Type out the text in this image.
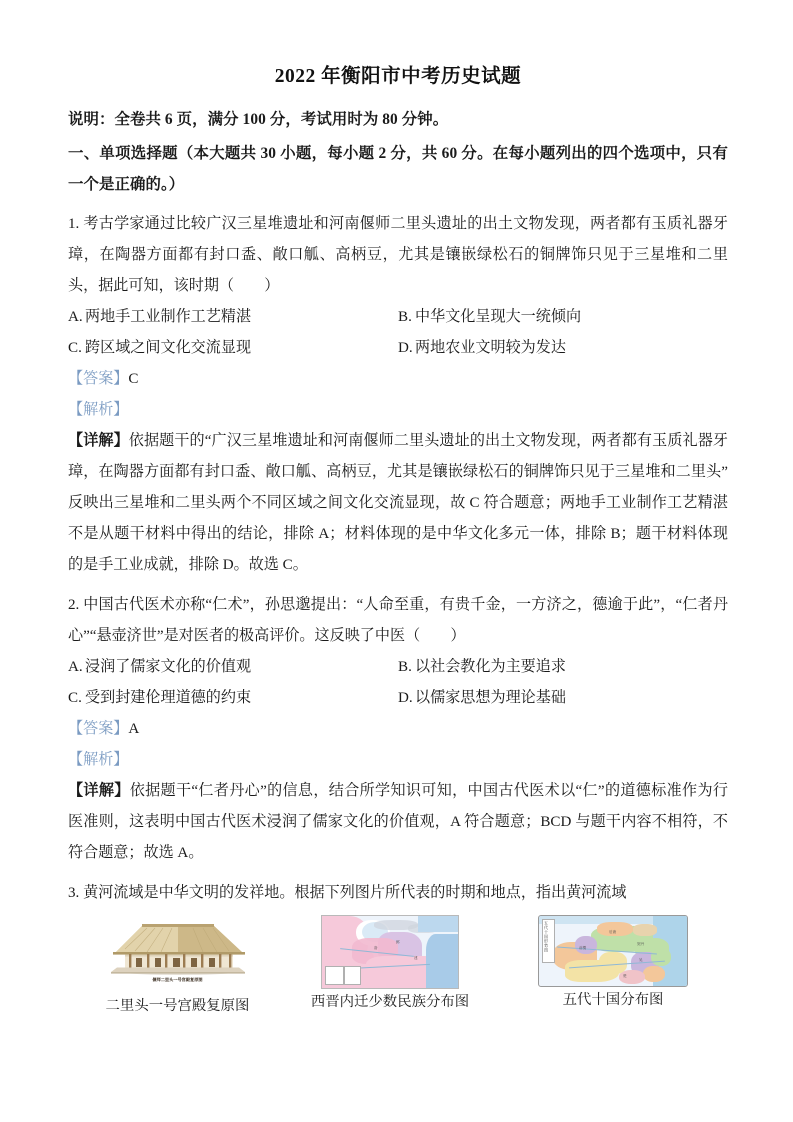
2022 年衡阳市中考历史试题

说明：全卷共 6 页，满分 100 分，考试用时为 80 分钟。

一、单项选择题（本大题共 30 小题，每小题 2 分，共 60 分。在每小题列出的四个选项中，只有一个是正确的。）

1. 考古学家通过比较广汉三星堆遗址和河南偃师二里头遗址的出土文物发现，两者都有玉质礼器牙璋，在陶器方面都有封口盉、敞口觚、高柄豆，尤其是镶嵌绿松石的铜牌饰只见于三星堆和二里头，据此可知，该时期（　　）

A. 两地手工业制作工艺精湛	B. 中华文化呈现大一统倾向
C. 跨区域之间文化交流显现	D. 两地农业文明较为发达

【答案】C

【解析】

【详解】依据题干的“广汉三星堆遗址和河南偃师二里头遗址的出土文物发现，两者都有玉质礼器牙璋，在陶器方面都有封口盉、敞口觚、高柄豆，尤其是镶嵌绿松石的铜牌饰只见于三星堆和二里头”反映出三星堆和二里头两个不同区域之间文化交流显现，故 C 符合题意；两地手工业制作工艺精湛不是从题干材料中得出的结论，排除 A；材料体现的是中华文化多元一体，排除 B；题干材料体现的是手工业成就，排除 D。故选 C。

2. 中国古代医术亦称“仁术”，孙思邈提出：“人命至重，有贵千金，一方济之，德逾于此”，“仁者丹心”“悬壶济世”是对医者的极高评价。这反映了中医（　　）

A. 浸润了儒家文化的价值观	B. 以社会教化为主要追求
C. 受到封建伦理道德的约束	D. 以儒家思想为理论基础

【答案】A

【解析】

【详解】依据题干“仁者丹心”的信息，结合所学知识可知，中国古代医术以“仁”的道德标准作为行医准则，这表明中国古代医术浸润了儒家文化的价值观，A 符合题意；BCD 与题干内容不相符，不符合题意；故选 A。

3. 黄河流域是中华文明的发祥地。根据下列图片所代表的时期和地点，指出黄河流域

偃师二里头一号宫殿复原图
二里头一号宫殿复原图
洛
邺
建
西晋内迁少数民族分布图
五代十国形势图	后唐
契丹
前蜀
吴
楚
五代十国分布图
